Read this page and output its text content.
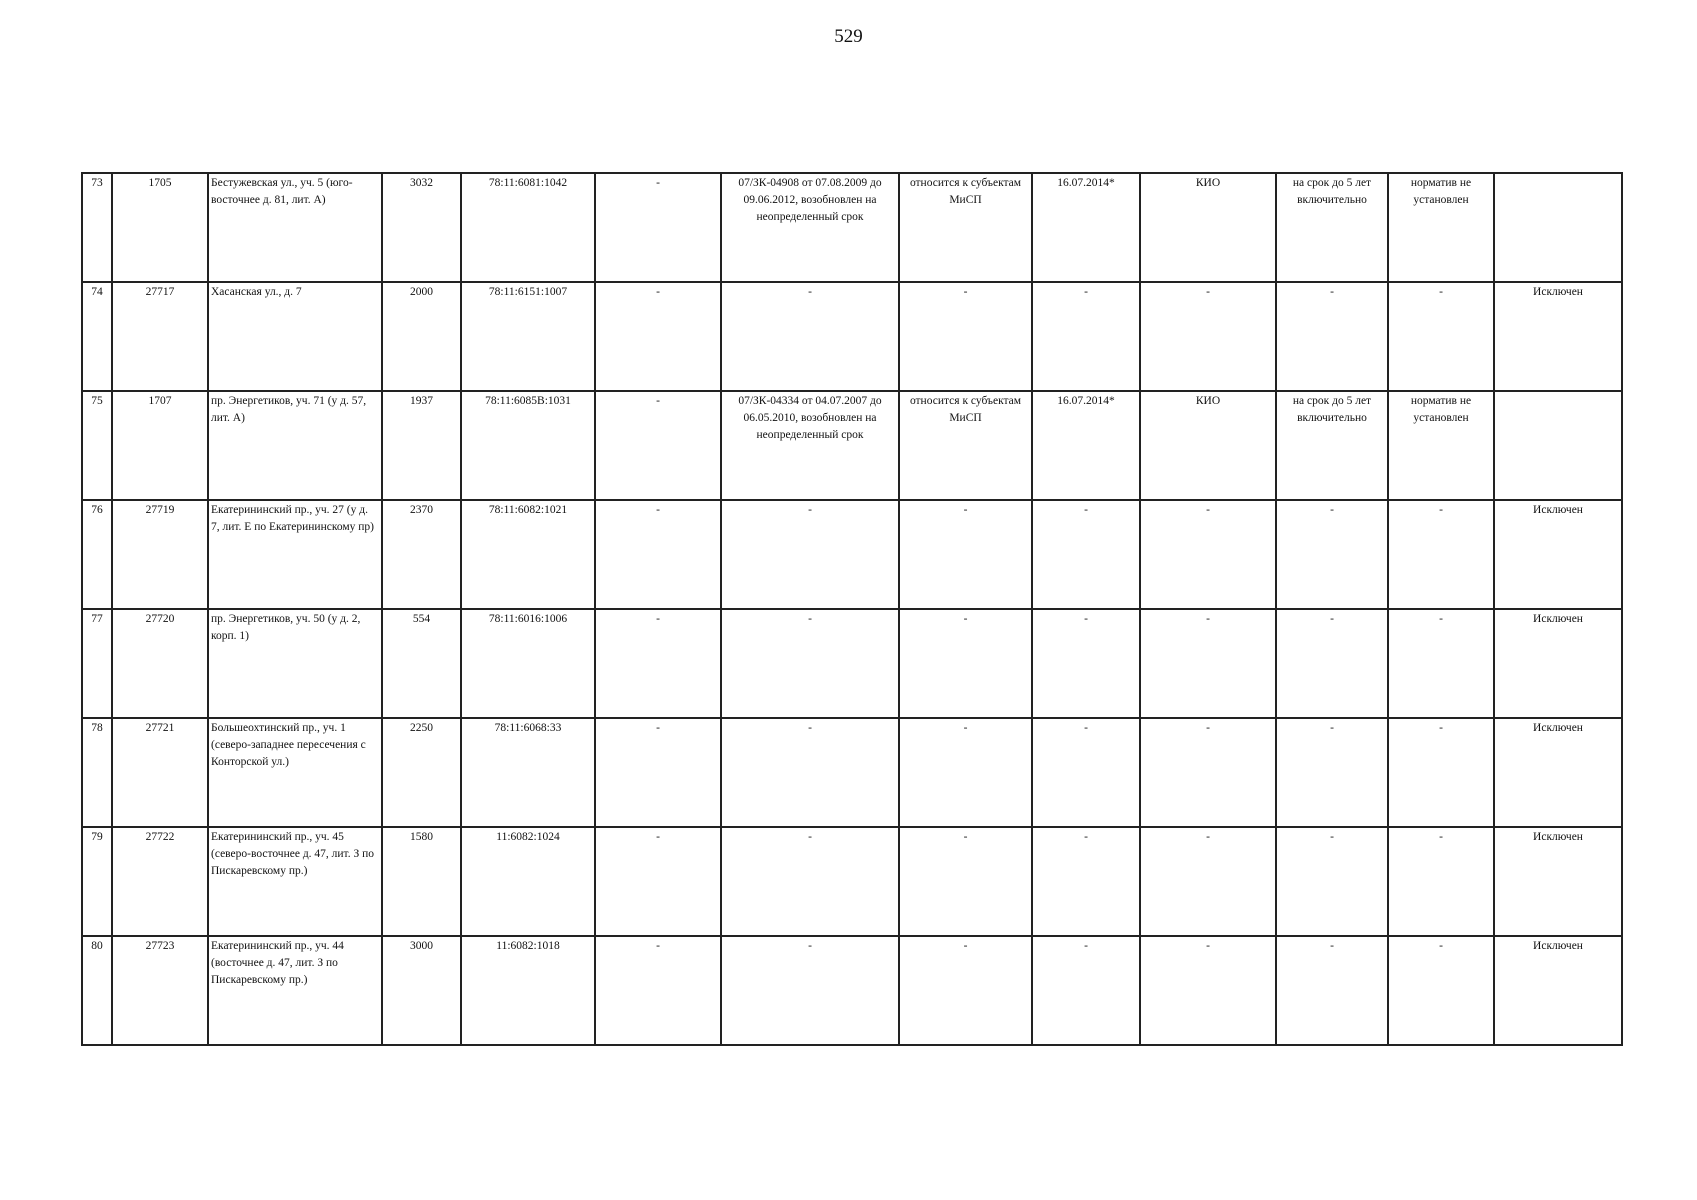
529
73	1705	Бестужевская ул., уч. 5 (юго-восточнее д. 81, лит. А)	3032	78:11:6081:1042	-	07/ЗК-04908 от 07.08.2009 до 09.06.2012, возобновлен на неопределенный срок	относится к субъектам МиСП	16.07.2014*	КИО	на срок до 5 лет включительно	норматив не установлен	
74	27717	Хасанская ул., д. 7	2000	78:11:6151:1007	-	-	-	-	-	-	-	Исключен
75	1707	пр. Энергетиков, уч. 71 (у д. 57, лит. А)	1937	78:11:6085В:1031	-	07/ЗК-04334 от 04.07.2007 до 06.05.2010, возобновлен на неопределенный срок	относится к субъектам МиСП	16.07.2014*	КИО	на срок до 5 лет включительно	норматив не установлен	
76	27719	Екатерининский пр., уч. 27 (у д. 7, лит. Е по Екатерининскому пр)	2370	78:11:6082:1021	-	-	-	-	-	-	-	Исключен
77	27720	пр. Энергетиков, уч. 50 (у д. 2, корп. 1)	554	78:11:6016:1006	-	-	-	-	-	-	-	Исключен
78	27721	Большеохтинский пр., уч. 1 (северо-западнее пересечения с Конторской ул.)	2250	78:11:6068:33	-	-	-	-	-	-	-	Исключен
79	27722	Екатерининский пр., уч. 45 (северо-восточнее д. 47, лит. З по Пискаревскому пр.)	1580	11:6082:1024	-	-	-	-	-	-	-	Исключен
80	27723	Екатерининский пр., уч. 44 (восточнее д. 47, лит. З по Пискаревскому пр.)	3000	11:6082:1018	-	-	-	-	-	-	-	Исключен
